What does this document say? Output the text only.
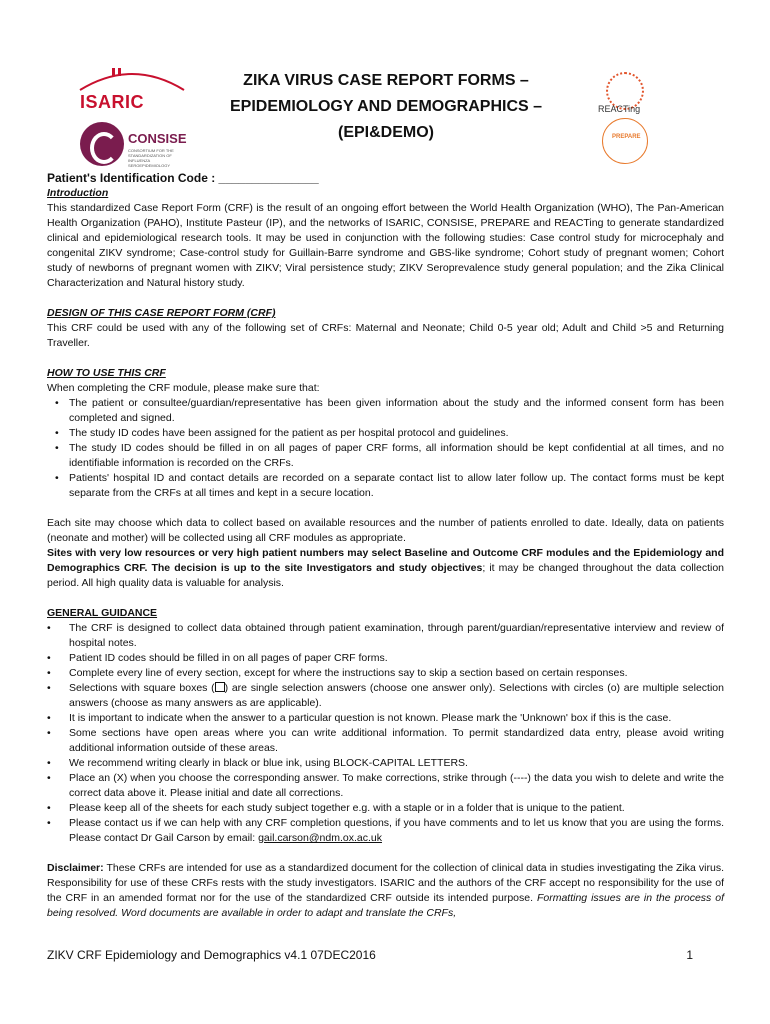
ISARIC
CONSISE
CONSORTIUM FOR THE STANDARDIZATION OF INFLUENZA SEROEPIDEMIOLOGY
ZIKA VIRUS CASE REPORT FORMS –
EPIDEMIOLOGY AND DEMOGRAPHICS –
(EPI&DEMO)
REACTing
PREPARE
Patient's Identification Code : _______________
Introduction

This standardized Case Report Form (CRF) is the result of an ongoing effort between the World Health Organization (WHO), The Pan-American Health Organization (PAHO), Institute Pasteur (IP), and the networks of ISARIC, CONSISE, PREPARE and REACTing to generate standardized clinical and epidemiological research tools. It may be used in conjunction with the following studies: Case control study for microcephaly and congenital ZIKV syndrome; Case-control study for Guillain-Barre syndrome and GBS-like syndrome; Cohort study of pregnant women; Cohort study of newborns of pregnant women with ZIKV; Viral persistence study; ZIKV Seroprevalence study general population; and the Zika Clinical Characterization and Natural history study.

DESIGN OF THIS CASE REPORT FORM (CRF)

This CRF could be used with any of the following set of CRFs: Maternal and Neonate; Child 0-5 year old; Adult and Child >5 and Returning Traveller.

HOW TO USE THIS CRF

When completing the CRF module, please make sure that:

• The patient or consultee/guardian/representative has been given information about the study and the informed consent form has been completed and signed.
• The study ID codes have been assigned for the patient as per hospital protocol and guidelines.
• The study ID codes should be filled in on all pages of paper CRF forms, all information should be kept confidential at all times, and no identifiable information is recorded on the CRFs.
• Patients' hospital ID and contact details are recorded on a separate contact list to allow later follow up. The contact forms must be kept separate from the CRFs at all times and kept in a secure location.

Each site may choose which data to collect based on available resources and the number of patients enrolled to date. Ideally, data on patients (neonate and mother) will be collected using all CRF modules as appropriate.

Sites with very low resources or very high patient numbers may select Baseline and Outcome CRF modules and the Epidemiology and Demographics CRF. The decision is up to the site Investigators and study objectives; it may be changed throughout the data collection period. All high quality data is valuable for analysis.

GENERAL GUIDANCE
• The CRF is designed to collect data obtained through patient examination, through parent/guardian/representative interview and review of hospital notes.
• Patient ID codes should be filled in on all pages of paper CRF forms.
• Complete every line of every section, except for where the instructions say to skip a section based on certain responses.
• Selections with square boxes ( ) are single selection answers (choose one answer only). Selections with circles (o) are multiple selection answers (choose as many answers as are applicable).
• It is important to indicate when the answer to a particular question is not known. Please mark the 'Unknown' box if this is the case.
• Some sections have open areas where you can write additional information. To permit standardized data entry, please avoid writing additional information outside of these areas.
• We recommend writing clearly in black or blue ink, using BLOCK-CAPITAL LETTERS.
• Place an (X) when you choose the corresponding answer. To make corrections, strike through (----) the data you wish to delete and write the correct data above it. Please initial and date all corrections.
• Please keep all of the sheets for each study subject together e.g. with a staple or in a folder that is unique to the patient.
• Please contact us if we can help with any CRF completion questions, if you have comments and to let us know that you are using the forms. Please contact Dr Gail Carson by email: gail.carson@ndm.ox.ac.uk

Disclaimer: These CRFs are intended for use as a standardized document for the collection of clinical data in studies investigating the Zika virus. Responsibility for use of these CRFs rests with the study investigators. ISARIC and the authors of the CRF accept no responsibility for the use of the CRF in an amended format nor for the use of the standardized CRF outside its intended purpose. Formatting issues are in the process of being resolved. Word documents are available in order to adapt and translate the CRFs,

ZIKV CRF Epidemiology and Demographics v4.1 07DEC2016	1
